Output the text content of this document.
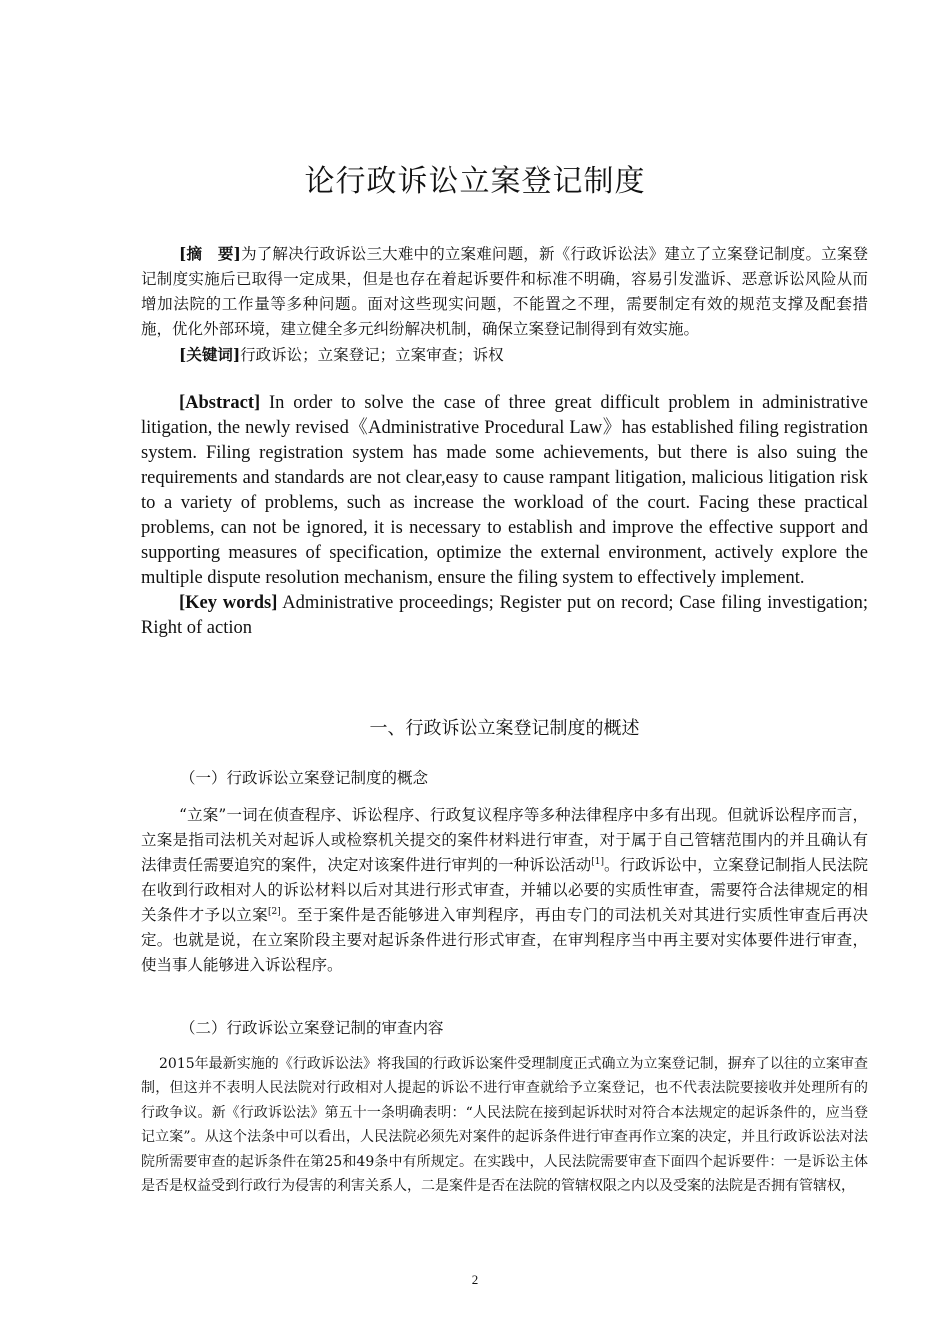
论行政诉讼立案登记制度

[摘　要]为了解决行政诉讼三大难中的立案难问题，新《行政诉讼法》建立了立案登记制度。立案登记制度实施后已取得一定成果，但是也存在着起诉要件和标准不明确，容易引发滥诉、恶意诉讼风险从而增加法院的工作量等多种问题。面对这些现实问题，不能置之不理，需要制定有效的规范支撑及配套措施，优化外部环境，建立健全多元纠纷解决机制，确保立案登记制得到有效实施。

[关键词]行政诉讼；立案登记；立案审查；诉权

[Abstract] In order to solve the case of three great difficult problem in administrative litigation, the newly revised《Administrative Procedural Law》has established filing registration system. Filing registration system has made some achievements, but there is also suing the requirements and standards are not clear,easy to cause rampant litigation, malicious litigation risk to a variety of problems, such as increase the workload of the court. Facing these practical problems, can not be ignored, it is necessary to establish and improve the effective support and supporting measures of specification, optimize the external environment, actively explore the multiple dispute resolution mechanism, ensure the filing system to effectively implement.

[Key words] Administrative proceedings; Register put on record; Case filing investigation; Right of action

一、行政诉讼立案登记制度的概述
（一）行政诉讼立案登记制度的概念

“立案”一词在侦查程序、诉讼程序、行政复议程序等多种法律程序中多有出现。但就诉讼程序而言，立案是指司法机关对起诉人或检察机关提交的案件材料进行审查，对于属于自己管辖范围内的并且确认有法律责任需要追究的案件，决定对该案件进行审判的一种诉讼活动[1]。行政诉讼中，立案登记制指人民法院在收到行政相对人的诉讼材料以后对其进行形式审查，并辅以必要的实质性审查，需要符合法律规定的相关条件才予以立案[2]。至于案件是否能够进入审判程序，再由专门的司法机关对其进行实质性审查后再决定。也就是说，在立案阶段主要对起诉条件进行形式审查，在审判程序当中再主要对实体要件进行审查，使当事人能够进入诉讼程序。

（二）行政诉讼立案登记制的审查内容

2015年最新实施的《行政诉讼法》将我国的行政诉讼案件受理制度正式确立为立案登记制，摒弃了以往的立案审查制，但这并不表明人民法院对行政相对人提起的诉讼不进行审查就给予立案登记，也不代表法院要接收并处理所有的行政争议。新《行政诉讼法》第五十一条明确表明：“人民法院在接到起诉状时对符合本法规定的起诉条件的，应当登记立案”。从这个法条中可以看出，人民法院必须先对案件的起诉条件进行审查再作立案的决定，并且行政诉讼法对法院所需要审查的起诉条件在第25和49条中有所规定。在实践中，人民法院需要审查下面四个起诉要件：一是诉讼主体是否是权益受到行政行为侵害的利害关系人，二是案件是否在法院的管辖权限之内以及受案的法院是否拥有管辖权，

2
